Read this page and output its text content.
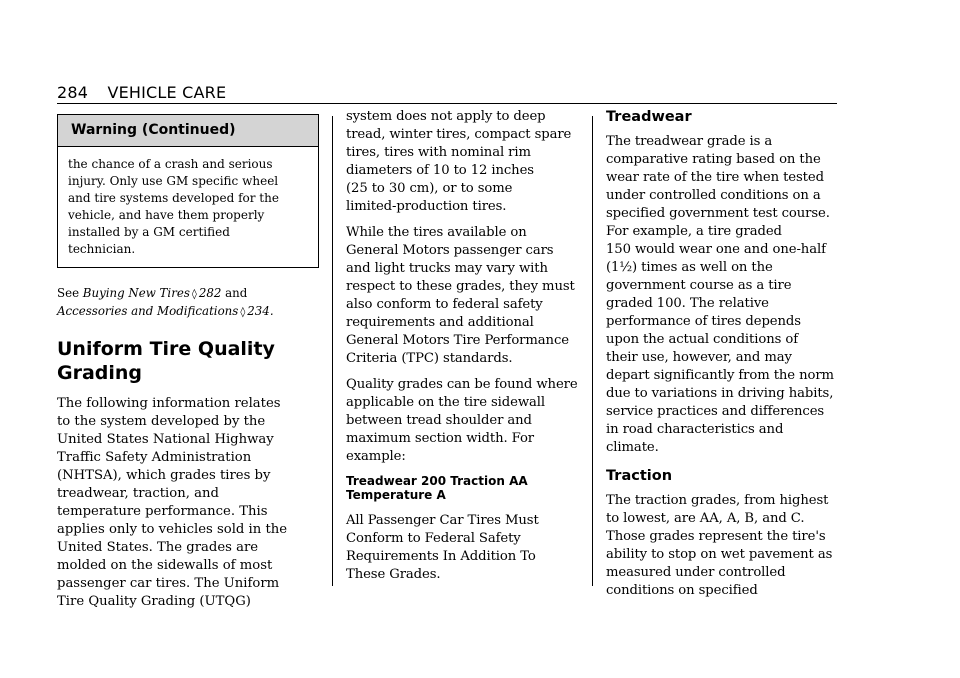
284 VEHICLE CARE
Warning (Continued)
the chance of a crash and serious
injury. Only use GM specific wheel
and tire systems developed for the
vehicle, and have them properly
installed by a GM certified
technician.
See Buying New Tires ◊ 282 and
Accessories and Modifications ◊ 234.
Uniform Tire Quality
Grading
The following information relates
to the system developed by the
United States National Highway
Traffic Safety Administration
(NHTSA), which grades tires by
treadwear, traction, and
temperature performance. This
applies only to vehicles sold in the
United States. The grades are
molded on the sidewalls of most
passenger car tires. The Uniform
Tire Quality Grading (UTQG)
system does not apply to deep
tread, winter tires, compact spare
tires, tires with nominal rim
diameters of 10 to 12 inches
(25 to 30 cm), or to some
limited-production tires.
While the tires available on
General Motors passenger cars
and light trucks may vary with
respect to these grades, they must
also conform to federal safety
requirements and additional
General Motors Tire Performance
Criteria (TPC) standards.
Quality grades can be found where
applicable on the tire sidewall
between tread shoulder and
maximum section width. For
example:
Treadwear 200 Traction AA
Temperature A
All Passenger Car Tires Must
Conform to Federal Safety
Requirements In Addition To
These Grades.
Treadwear
The treadwear grade is a
comparative rating based on the
wear rate of the tire when tested
under controlled conditions on a
specified government test course.
For example, a tire graded
150 would wear one and one-half
(1½) times as well on the
government course as a tire
graded 100. The relative
performance of tires depends
upon the actual conditions of
their use, however, and may
depart significantly from the norm
due to variations in driving habits,
service practices and differences
in road characteristics and
climate.
Traction
The traction grades, from highest
to lowest, are AA, A, B, and C.
Those grades represent the tire's
ability to stop on wet pavement as
measured under controlled
conditions on specified
